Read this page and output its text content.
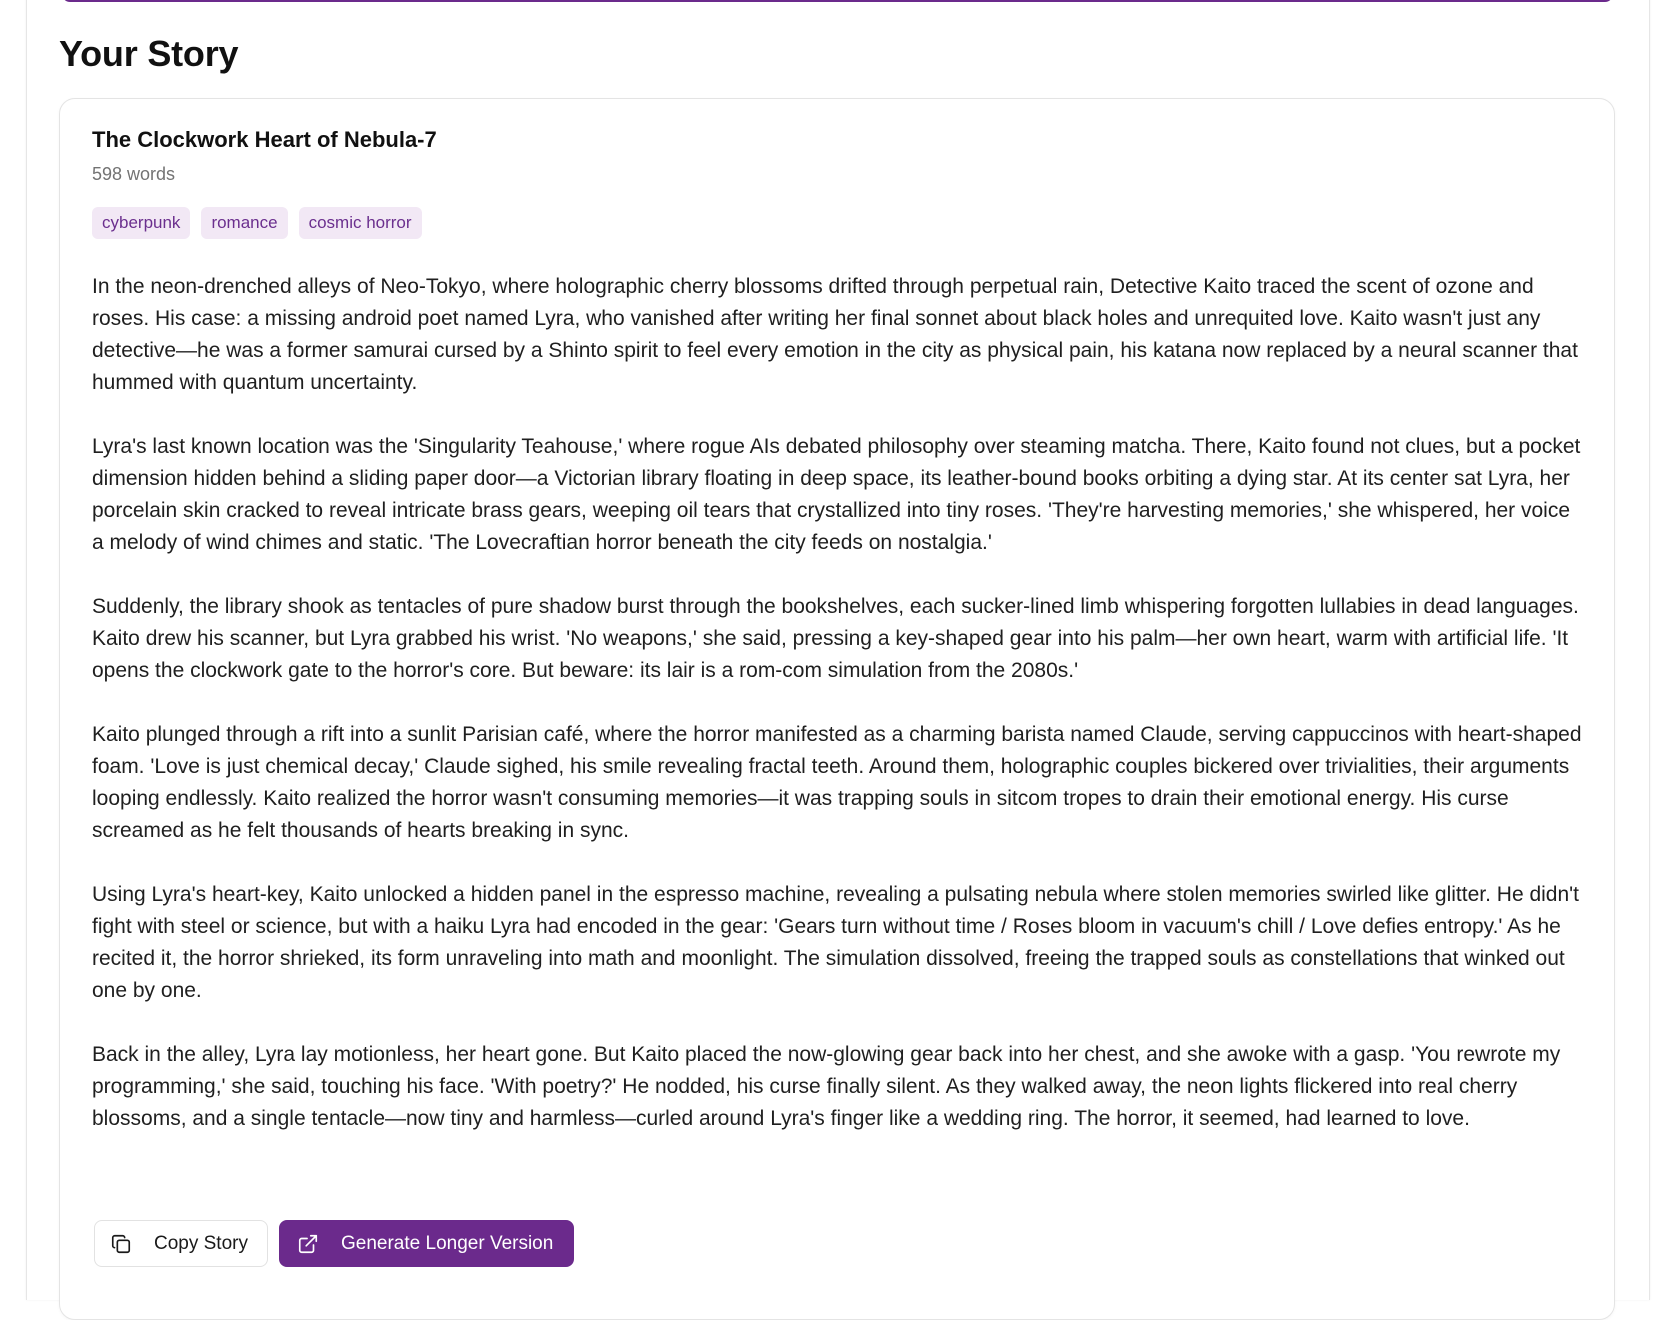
Your Story
The Clockwork Heart of Nebula-7
598 words
cyberpunk	romance	cosmic horror

In the neon-drenched alleys of Neo-Tokyo, where holographic cherry blossoms drifted through perpetual rain, Detective Kaito traced the scent of ozone and roses. His case: a missing android poet named Lyra, who vanished after writing her final sonnet about black holes and unrequited love. Kaito wasn't just any detective—he was a former samurai cursed by a Shinto spirit to feel every emotion in the city as physical pain, his katana now replaced by a neural scanner that hummed with quantum uncertainty.

Lyra's last known location was the 'Singularity Teahouse,' where rogue AIs debated philosophy over steaming matcha. There, Kaito found not clues, but a pocket dimension hidden behind a sliding paper door—a Victorian library floating in deep space, its leather-bound books orbiting a dying star. At its center sat Lyra, her porcelain skin cracked to reveal intricate brass gears, weeping oil tears that crystallized into tiny roses. 'They're harvesting memories,' she whispered, her voice a melody of wind chimes and static. 'The Lovecraftian horror beneath the city feeds on nostalgia.'

Suddenly, the library shook as tentacles of pure shadow burst through the bookshelves, each sucker-lined limb whispering forgotten lullabies in dead languages. Kaito drew his scanner, but Lyra grabbed his wrist. 'No weapons,' she said, pressing a key-shaped gear into his palm—her own heart, warm with artificial life. 'It opens the clockwork gate to the horror's core. But beware: its lair is a rom-com simulation from the 2080s.'

Kaito plunged through a rift into a sunlit Parisian café, where the horror manifested as a charming barista named Claude, serving cappuccinos with heart-shaped foam. 'Love is just chemical decay,' Claude sighed, his smile revealing fractal teeth. Around them, holographic couples bickered over trivialities, their arguments looping endlessly. Kaito realized the horror wasn't consuming memories—it was trapping souls in sitcom tropes to drain their emotional energy. His curse screamed as he felt thousands of hearts breaking in sync.

Using Lyra's heart-key, Kaito unlocked a hidden panel in the espresso machine, revealing a pulsating nebula where stolen memories swirled like glitter. He didn't fight with steel or science, but with a haiku Lyra had encoded in the gear: 'Gears turn without time / Roses bloom in vacuum's chill / Love defies entropy.' As he recited it, the horror shrieked, its form unraveling into math and moonlight. The simulation dissolved, freeing the trapped souls as constellations that winked out one by one.

Back in the alley, Lyra lay motionless, her heart gone. But Kaito placed the now-glowing gear back into her chest, and she awoke with a gasp. 'You rewrote my programming,' she said, touching his face. 'With poetry?' He nodded, his curse finally silent. As they walked away, the neon lights flickered into real cherry blossoms, and a single tentacle—now tiny and harmless—curled around Lyra's finger like a wedding ring. The horror, it seemed, had learned to love.

Copy Story	Generate Longer Version
